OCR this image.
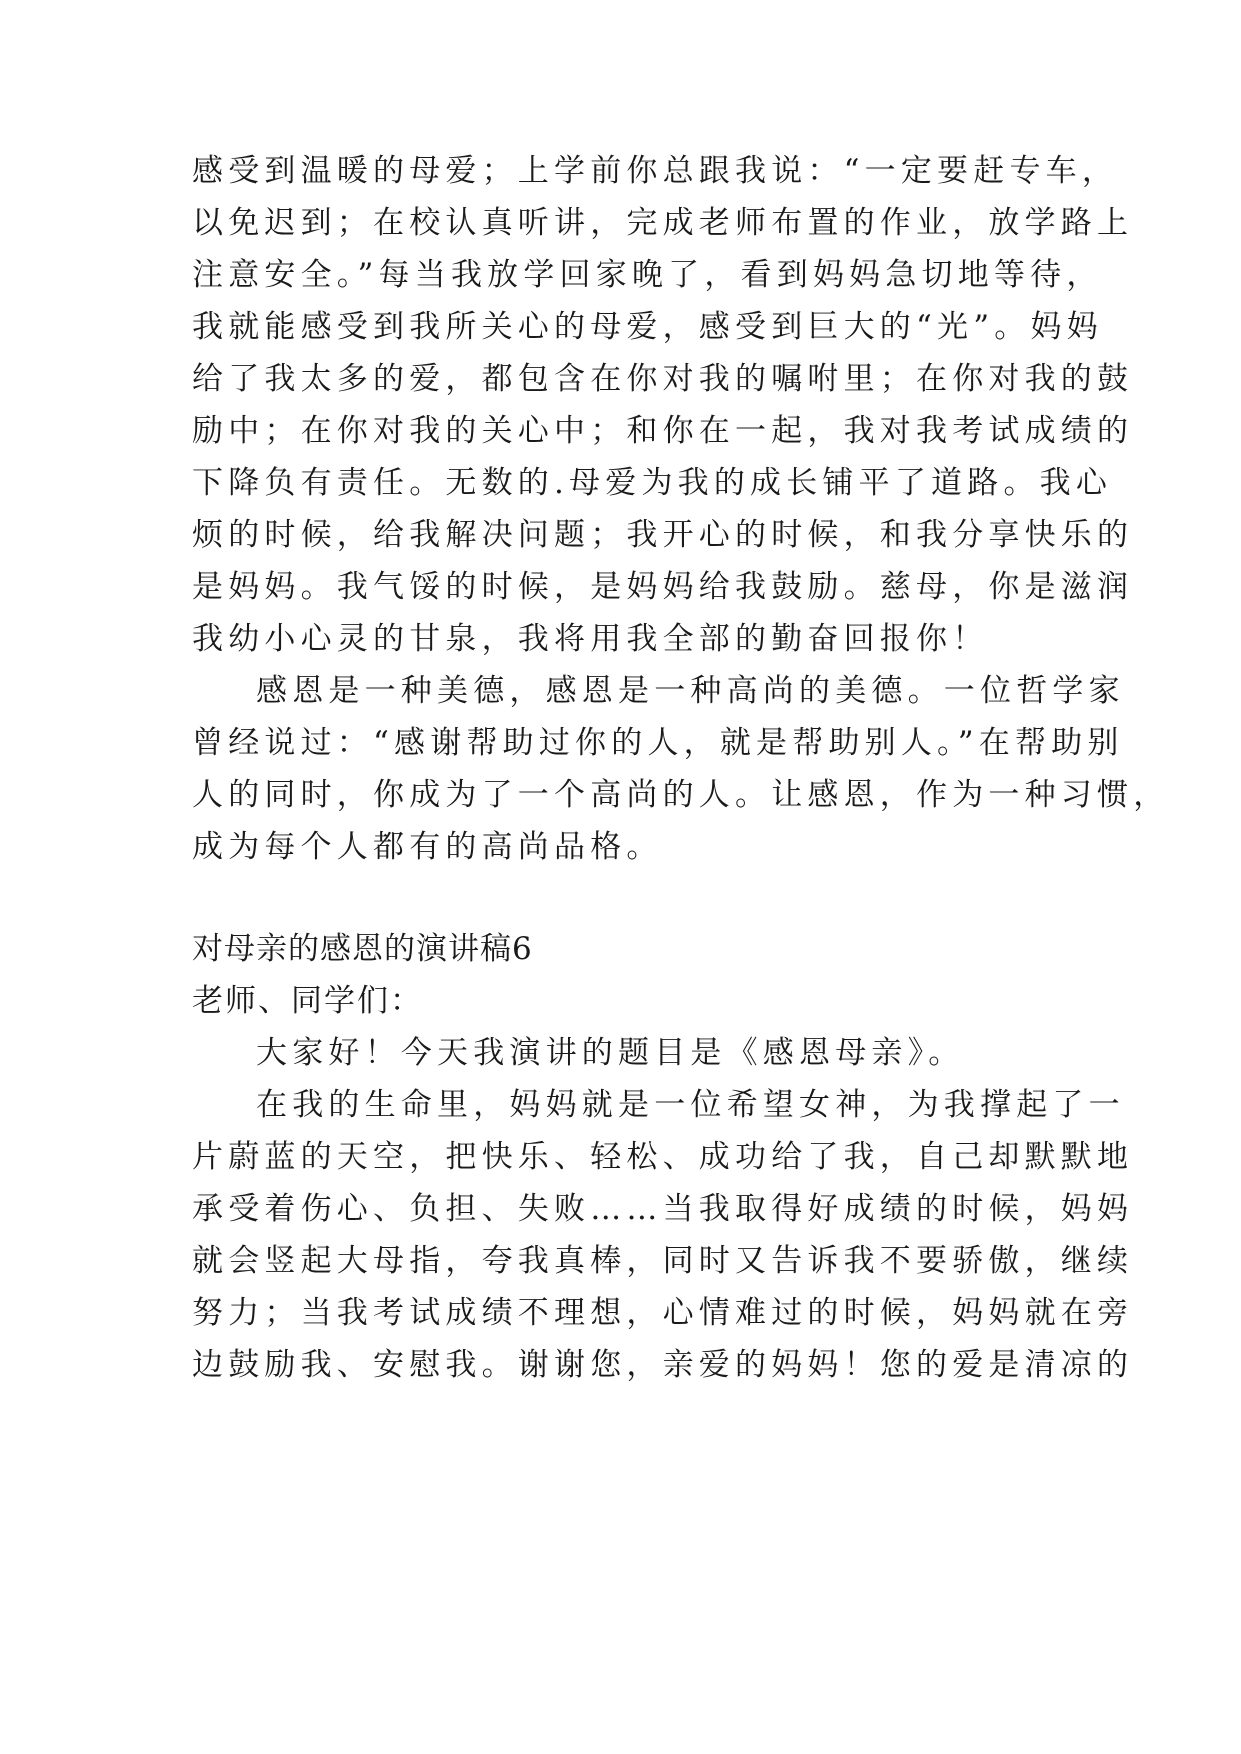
感受到温暖的母爱；上学前你总跟我说：“一定要赶专车，
以免迟到；在校认真听讲，完成老师布置的作业，放学路上
注意安全。”每当我放学回家晚了，看到妈妈急切地等待，
我就能感受到我所关心的母爱，感受到巨大的“光”。妈妈
给了我太多的爱，都包含在你对我的嘱咐里；在你对我的鼓
励中；在你对我的关心中；和你在一起，我对我考试成绩的
下降负有责任。无数的.母爱为我的成长铺平了道路。我心
烦的时候，给我解决问题；我开心的时候，和我分享快乐的
是妈妈。我气馁的时候，是妈妈给我鼓励。慈母，你是滋润
我幼小心灵的甘泉，我将用我全部的勤奋回报你！
感恩是一种美德，感恩是一种高尚的美德。一位哲学家
曾经说过：“感谢帮助过你的人，就是帮助别人。”在帮助别
人的同时，你成为了一个高尚的人。让感恩，作为一种习惯，
成为每个人都有的高尚品格。
对母亲的感恩的演讲稿6
老师、同学们：
大家好！今天我演讲的题目是《感恩母亲》。
在我的生命里，妈妈就是一位希望女神，为我撑起了一
片蔚蓝的天空，把快乐、轻松、成功给了我，自己却默默地
承受着伤心、负担、失败……当我取得好成绩的时候，妈妈
就会竖起大母指，夸我真棒，同时又告诉我不要骄傲，继续
努力；当我考试成绩不理想，心情难过的时候，妈妈就在旁
边鼓励我、安慰我。谢谢您，亲爱的妈妈！您的爱是清凉的
